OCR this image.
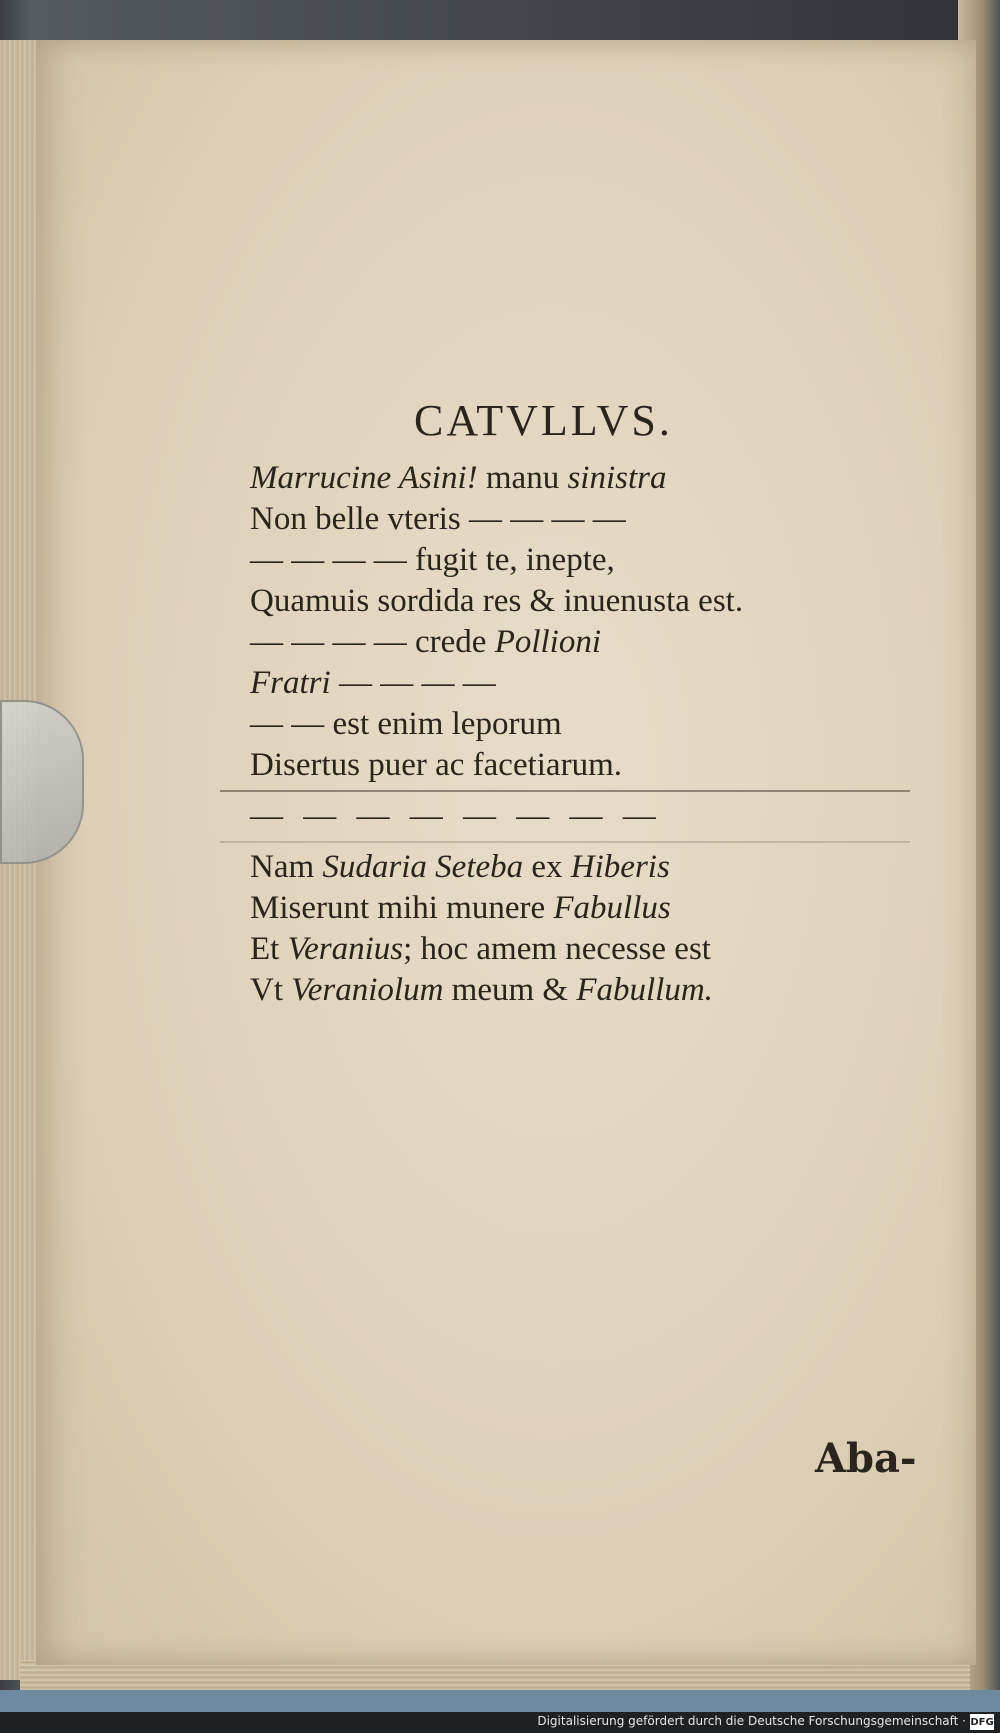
CATVLLVS.
Marrucine Asini! manu sinistra
Non belle vteris — — — —
— — — — fugit te, inepte,
Quamuis sordida res & inuenusta est.
— — — — crede Pollioni
Fratri — — — —
— — est enim leporum
Disertus puer ac facetiarum.
— — — — — — — —
Nam Sudaria Seteba ex Hiberis
Miserunt mihi munere Fabullus
Et Veranius; hoc amem necesse est
Vt Veraniolum meum & Fabullum.
Aba-
Digitalisierung gefördert durch die Deutsche Forschungsgemeinschaft · DFG
